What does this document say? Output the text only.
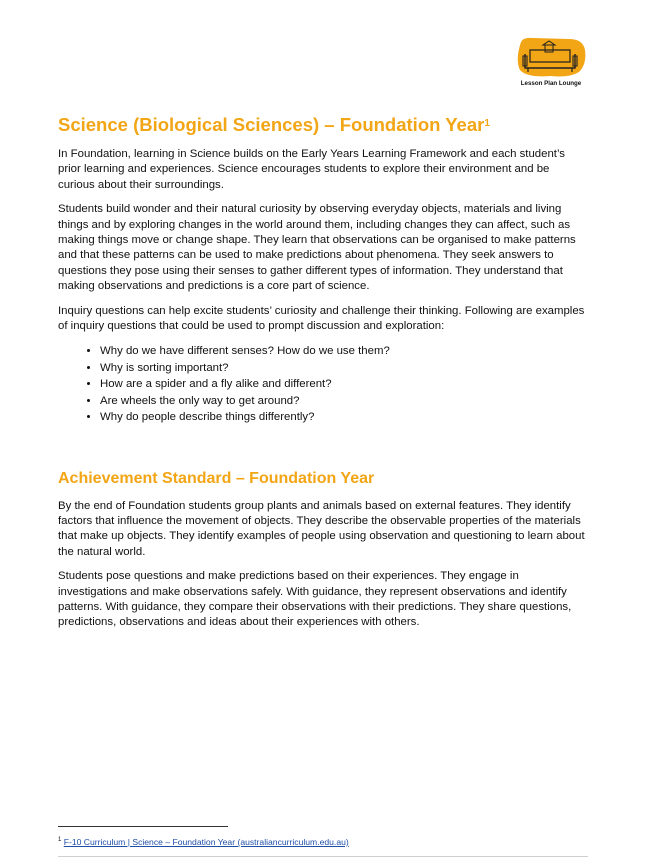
Lesson Plan Lounge
Science (Biological Sciences) – Foundation Year$^1$

In Foundation, learning in Science builds on the Early Years Learning Framework and each student’s prior learning and experiences. Science encourages students to explore their environment and be curious about their surroundings.

Students build wonder and their natural curiosity by observing everyday objects, materials and living things and by exploring changes in the world around them, including changes they can affect, such as making things move or change shape. They learn that observations can be organised to make patterns and that these patterns can be used to make predictions about phenomena. They seek answers to questions they pose using their senses to gather different types of information. They understand that making observations and predictions is a core part of science.

Inquiry questions can help excite students’ curiosity and challenge their thinking. Following are examples of inquiry questions that could be used to prompt discussion and exploration:

• Why do we have different senses? How do we use them?
• Why is sorting important?
• How are a spider and a fly alike and different?
• Are wheels the only way to get around?
• Why do people describe things differently?
Achievement Standard – Foundation Year

By the end of Foundation students group plants and animals based on external features. They identify factors that influence the movement of objects. They describe the observable properties of the materials that make up objects. They identify examples of people using observation and questioning to learn about the natural world.

Students pose questions and make predictions based on their experiences. They engage in investigations and make observations safely. With guidance, they represent observations and identify patterns. With guidance, they compare their observations with their predictions. They share questions, predictions, observations and ideas about their experiences with others.

$^1$ F-10 Curriculum | Science – Foundation Year (australiancurriculum.edu.au)
